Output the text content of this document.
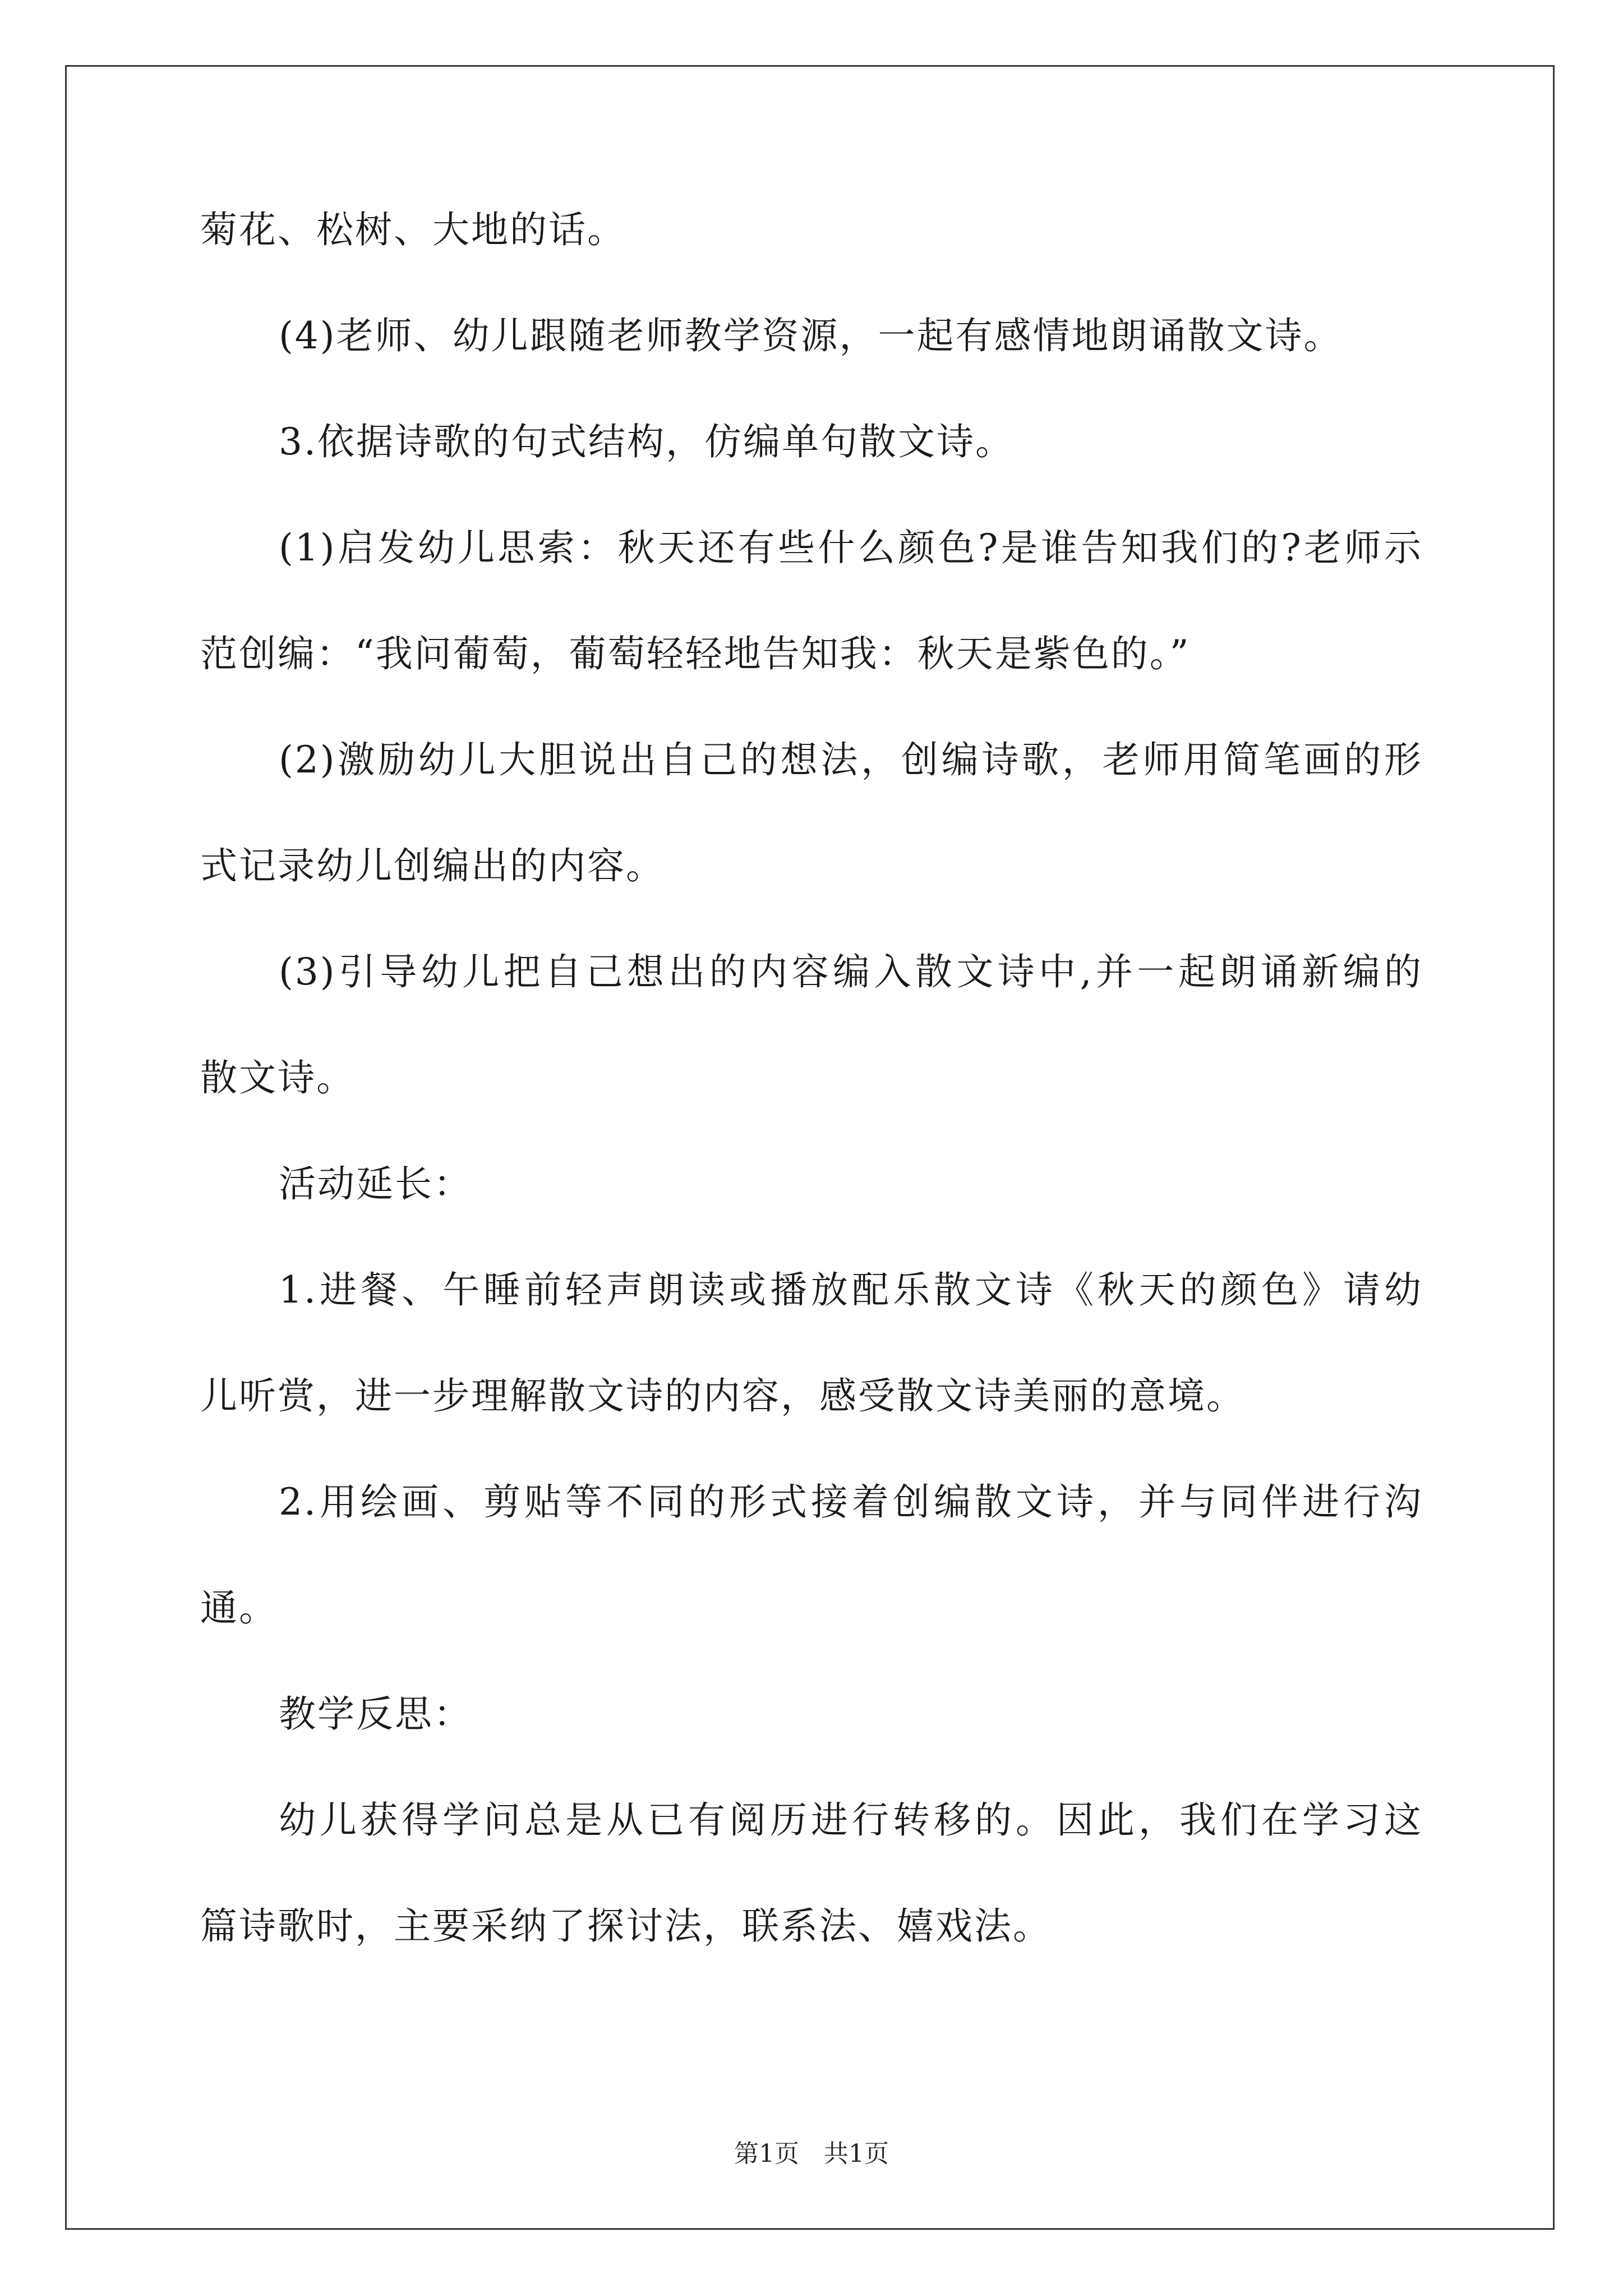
菊花、松树、大地的话。
(4)老师、幼儿跟随老师教学资源，一起有感情地朗诵散文诗。
3.依据诗歌的句式结构，仿编单句散文诗。
(1)启发幼儿思索：秋天还有些什么颜色?是谁告知我们的?老师示
范创编：“我问葡萄，葡萄轻轻地告知我：秋天是紫色的。”
(2)激励幼儿大胆说出自己的想法，创编诗歌，老师用简笔画的形
式记录幼儿创编出的内容。
(3)引导幼儿把自己想出的内容编入散文诗中,并一起朗诵新编的
散文诗。
活动延长：
1.进餐、午睡前轻声朗读或播放配乐散文诗《秋天的颜色》请幼
儿听赏，进一步理解散文诗的内容，感受散文诗美丽的意境。
2.用绘画、剪贴等不同的形式接着创编散文诗，并与同伴进行沟
通。
教学反思：
幼儿获得学问总是从已有阅历进行转移的。因此，我们在学习这
篇诗歌时，主要采纳了探讨法，联系法、嬉戏法。
第1页 共1页
